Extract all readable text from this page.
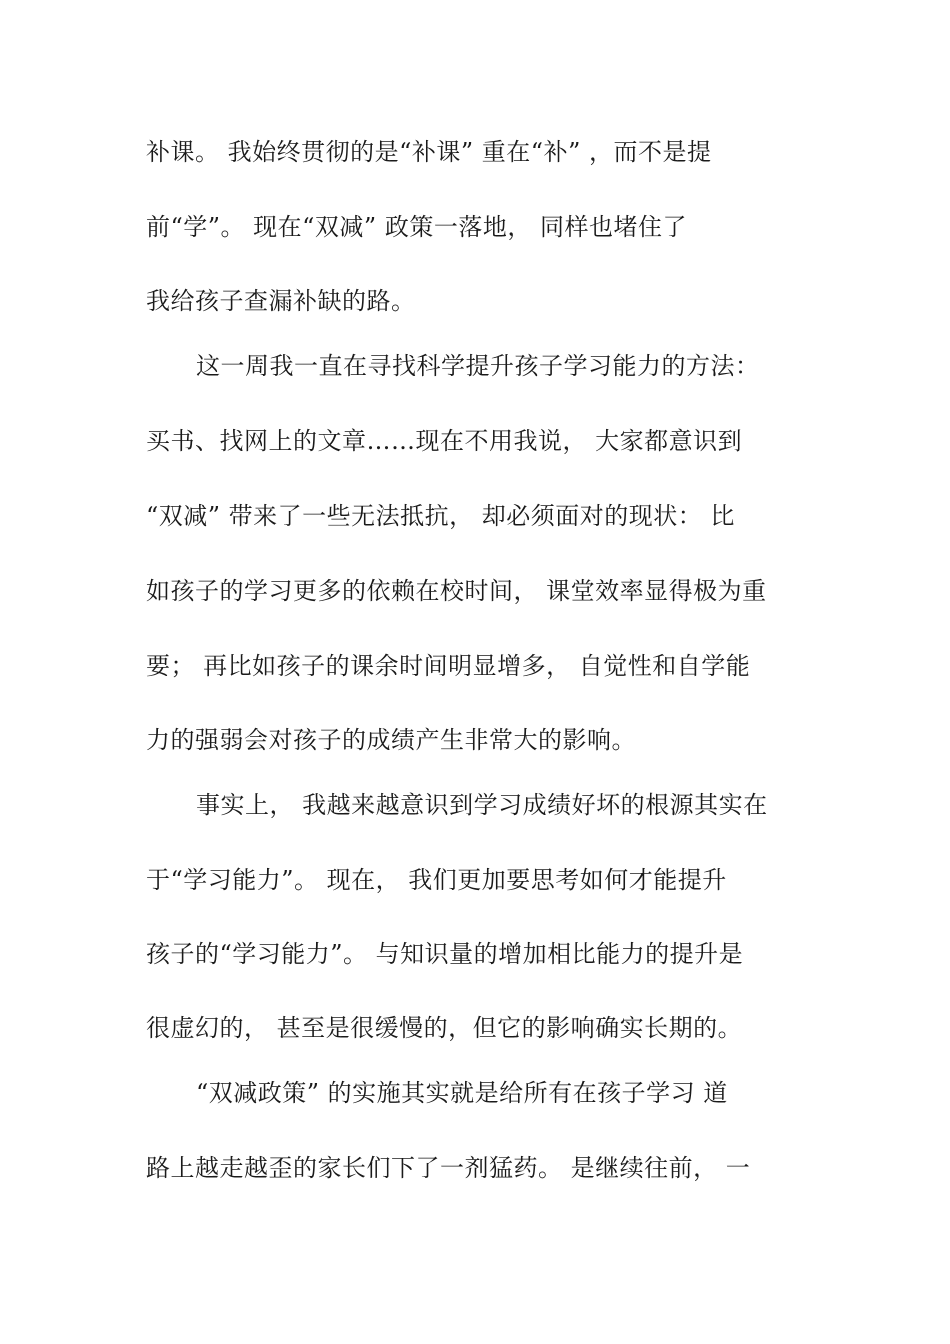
补课。 我始终贯彻的是“补课” 重在“补” ，而不是提
前“学”。 现在“双减” 政策一落地， 同样也堵住了
我给孩子查漏补缺的路。
这一周我一直在寻找科学提升孩子学习能力的方法：
买书、找网上的文章……现在不用我说， 大家都意识到
“双减” 带来了一些无法抵抗， 却必须面对的现状： 比
如孩子的学习更多的依赖在校时间， 课堂效率显得极为重
要； 再比如孩子的课余时间明显增多， 自觉性和自学能
力的强弱会对孩子的成绩产生非常大的影响。
事实上， 我越来越意识到学习成绩好坏的根源其实在
于“学习能力”。 现在， 我们更加要思考如何才能提升
孩子的“学习能力”。 与知识量的增加相比能力的提升是
很虚幻的， 甚至是很缓慢的，但它的影响确实长期的。
“双减政策” 的实施其实就是给所有在孩子学习 道
路上越走越歪的家长们下了一剂猛药。 是继续往前， 一
